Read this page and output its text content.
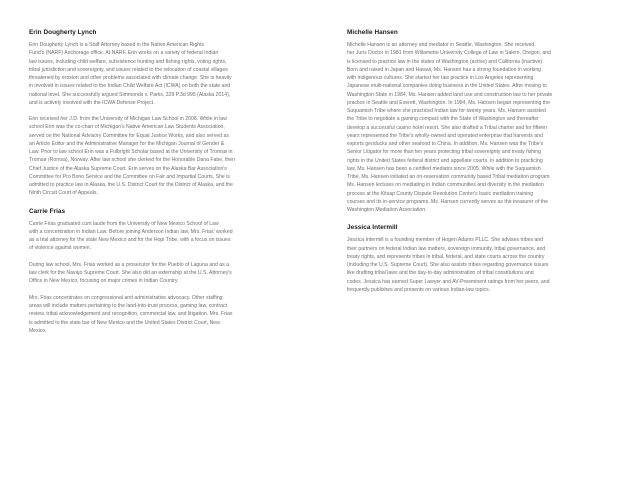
Erin Dougherty Lynch

Erin Dougherty Lynch is a Staff Attorney based in the Native American Rights
Fund's (NARF) Anchorage office. At NARF, Erin works on a variety of federal Indian
law issues, including child welfare, subsistence hunting and fishing rights, voting rights,
tribal jurisdiction and sovereignty, and issues related to the relocation of coastal villages
threatened by erosion and other problems associated with climate change. She is heavily
in involved in issues related to the Indian Child Welfare Act (ICWA) on both the state and
national level. She successfully argued Simmonds v. Parks, 329 P.3d 995 (Alaska 2014),
and is actively involved with the ICWA Defense Project.

Erin received her J.D. from the University of Michigan Law School in 2008. While in law
school Erin was the co-chair of Michigan's Native American Law Students Association,
served on the National Advisory Committee for Equal Justice Works, and also served as
an Article Editor and the Administrative Manager for the Michigan Journal of Gender &
Law. Prior to law school Erin was a Fulbright Scholar based at the University of Tromsø in
Tromsø (Romsa), Norway. After law school she clerked for the Honorable Dana Fabe, then
Chief Justice of the Alaska Supreme Court. Erin serves on the Alaska Bar Association's
Committee for Pro Bono Service and the Committee on Fair and Impartial Courts. She is
admitted to practice law in Alaska, the U.S. District Court for the District of Alaska, and the
Ninth Circuit Court of Appeals.

Carrie Frias

Carrie Frias graduated cum laude from the University of New Mexico School of Law
with a concentration in Indian Law. Before joining Anderson Indian law, Mrs. Frias' worked
as a trial attorney for the state New Mexico and for the Hopi Tribe, with a focus on issues
of violence against women.

During law school, Mrs. Frias worked as a prosecutor for the Pueblo of Laguna and as a
law clerk for the Navajo Supreme Court. She also did an externship at the U.S. Attorney's
Office in New Mexico, focusing on major crimes in Indian Country.

Mrs. Frias concentrates on congressional and administrative advocacy. Other staffing
areas will include matters pertaining to the land-into-trust process, gaming law, contract
review, tribal acknowledgement and recognition, commercial law, and litigation. Mrs. Frias
is admitted to the state bar of New Mexico and the United States District Court, New
Mexico.

Michelle Hansen

Michelle Hansen is an attorney and mediator in Seattle, Washington. She received
her Juris Doctor in 1981 from Willamette University College of Law in Salem, Oregon, and
is licensed to practice law in the states of Washington (active) and California (inactive).
Born and raised in Japan and Hawaii, Ms. Hansen has a strong foundation in working
with indigenous cultures. She started her law practice in Los Angeles representing
Japanese multi-national companies doing business in the United States. After moving to
Washington State in 1984, Ms. Hansen added land use and construction law to her private
practice in Seattle and Everett, Washington. In 1994, Ms. Hansen began representing the
Suquamish Tribe where she practiced Indian law for twenty years. Ms. Hansen assisted
the Tribe to negotiate a gaming compact with the State of Washington and thereafter
develop a successful casino hotel resort. She also drafted a Tribal charter and for fifteen
years represented the Tribe's wholly-owned and operated enterprise that harvests and
exports geoducks and other seafood to China. In addition, Ms. Hansen was the Tribe's
Senior Litigator for more than ten years protecting tribal sovereignty and treaty fishing
rights in the United States federal district and appellate courts. In addition to practicing
law, Ms. Hansen has been a certified mediator since 2005. While with the Suquamish
Tribe, Ms. Hansen initiated an on-reservation community based Tribal mediation program.
Ms. Hansen lectures on mediating in Indian communities and diversity in the mediation
process at the Kitsap County Dispute Resolution Center's basic mediation training
courses and its in-service programs. Ms. Hansen currently serves as the treasurer of the
Washington Mediation Association.

Jessica Intermill

Jessica Intermill is a founding member of Hogen Adams PLLC. She advises tribes and
their partners on federal Indian law matters, sovereign immunity, tribal governance, and
treaty rights, and represents tribes in tribal, federal, and state courts across the country
(including the U.S. Supreme Court). She also assists tribes regarding governance issues
like drafting tribal laws and the day-to-day administration of tribal constitutions and
codes. Jessica has earned Super Lawyer and AV-Preeminent ratings from her peers, and
frequently publishes and presents on various Indian-law topics.
